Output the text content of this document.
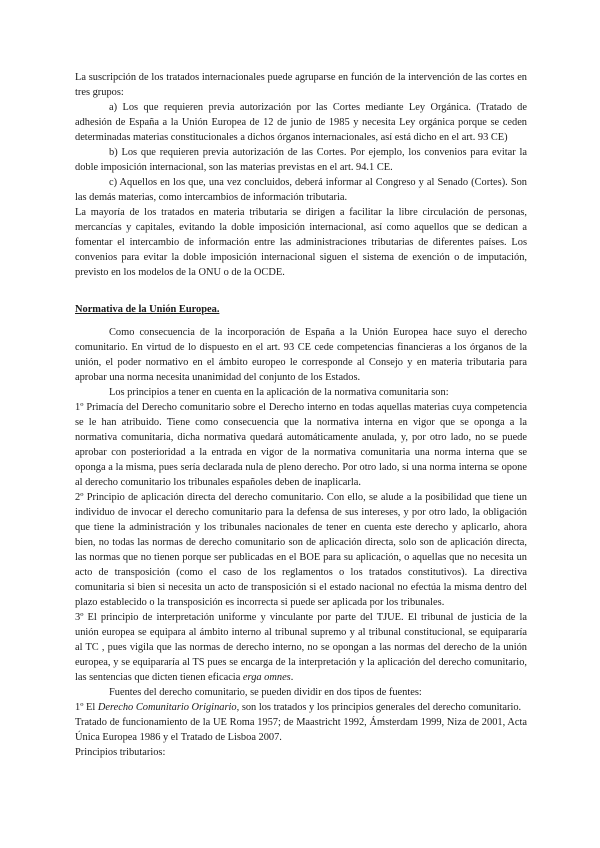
La suscripción de los tratados internacionales puede agruparse en función de la intervención de las cortes en tres grupos:

a) Los que requieren previa autorización por las Cortes mediante Ley Orgánica. (Tratado de adhesión de España a la Unión Europea de 12 de junio de 1985 y necesita Ley orgánica porque se ceden determinadas materias constitucionales a dichos órganos internacionales, así está dicho en el art. 93 CE)

b) Los que requieren previa autorización de las Cortes. Por ejemplo, los convenios para evitar la doble imposición internacional, son las materias previstas en el art. 94.1 CE.

c) Aquellos en los que, una vez concluidos, deberá informar al Congreso y al Senado (Cortes). Son las demás materias, como intercambios de información tributaria.

La mayoría de los tratados en materia tributaria se dirigen a facilitar la libre circulación de personas, mercancías y capitales, evitando la doble imposición internacional, así como aquellos que se dedican a fomentar el intercambio de información entre las administraciones tributarias de diferentes países. Los convenios para evitar la doble imposición internacional siguen el sistema de exención o de imputación, previsto en los modelos de la ONU o de la OCDE.

Normativa de la Unión Europea.

Como consecuencia de la incorporación de España a la Unión Europea hace suyo el derecho comunitario. En virtud de lo dispuesto en el art. 93 CE cede competencias financieras a los órganos de la unión, el poder normativo en el ámbito europeo le corresponde al Consejo y en materia tributaria para aprobar una norma necesita unanimidad del conjunto de los Estados.

Los principios a tener en cuenta en la aplicación de la normativa comunitaria son:

1º Primacía del Derecho comunitario sobre el Derecho interno en todas aquellas materias cuya competencia se le han atribuido. Tiene como consecuencia que la normativa interna en vigor que se oponga a la normativa comunitaria, dicha normativa quedará automáticamente anulada, y, por otro lado, no se puede aprobar con posterioridad a la entrada en vigor de la normativa comunitaria una norma interna que se oponga a la misma, pues sería declarada nula de pleno derecho. Por otro lado, si una norma interna se opone al derecho comunitario los tribunales españoles deben de inaplicarla.

2º Principio de aplicación directa del derecho comunitario. Con ello, se alude a la posibilidad que tiene un individuo de invocar el derecho comunitario para la defensa de sus intereses, y por otro lado, la obligación que tiene la administración y los tribunales nacionales de tener en cuenta este derecho y aplicarlo, ahora bien, no todas las normas de derecho comunitario son de aplicación directa, solo son de aplicación directa, las normas que no tienen porque ser publicadas en el BOE para su aplicación, o aquellas que no necesita un acto de transposición (como el caso de los reglamentos o los tratados constitutivos). La directiva comunitaria si bien si necesita un acto de transposición si el estado nacional no efectúa la misma dentro del plazo establecido o la transposición es incorrecta si puede ser aplicada por los tribunales.

3º El principio de interpretación uniforme y vinculante por parte del TJUE. El tribunal de justicia de la unión europea se equipara al ámbito interno al tribunal supremo y al tribunal constitucional, se equipararía al TC , pues vigila que las normas de derecho interno, no se opongan a las normas del derecho de la unión europea, y se equipararía al TS pues se encarga de la interpretación y la aplicación del derecho comunitario, las sentencias que dicten tienen eficacia erga omnes.

Fuentes del derecho comunitario, se pueden dividir en dos tipos de fuentes:

1º El Derecho Comunitario Originario, son los tratados y los principios generales del derecho comunitario.

Tratado de funcionamiento de la UE Roma 1957; de Maastricht 1992, Ámsterdam 1999, Niza de 2001, Acta Única Europea 1986 y el Tratado de Lisboa 2007.

Principios tributarios:
